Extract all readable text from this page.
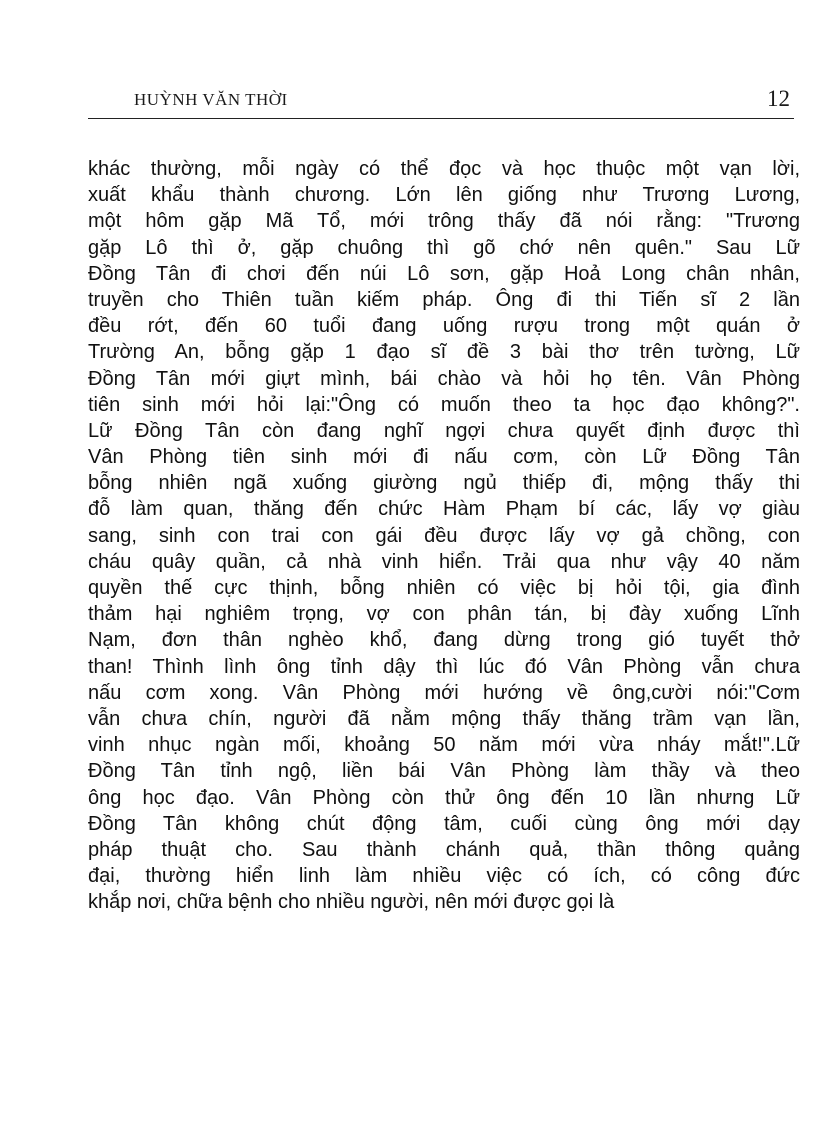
HUỲNH VĂN THỜI	12
khác thường, mỗi ngày có thể đọc và học thuộc một vạn lời,
xuất khẩu thành chương. Lớn lên giống như Trương Lương,
một hôm gặp Mã Tổ, mới trông thấy đã nói rằng: "Trương
gặp Lô thì ở, gặp chuông thì gõ chớ nên quên." Sau Lữ
Đồng Tân đi chơi đến núi Lô sơn, gặp Hoả Long chân nhân,
truyền cho Thiên tuần kiếm pháp. Ông đi thi Tiến sĩ 2 lần
đều rớt, đến 60 tuổi đang uống rượu trong một quán ở
Trường An, bỗng gặp 1 đạo sĩ đề 3 bài thơ trên tường, Lữ
Đồng Tân mới giựt mình, bái chào và hỏi họ tên. Vân Phòng
tiên sinh mới hỏi lại:"Ông có muốn theo ta học đạo không?".
Lữ Đồng Tân còn đang nghĩ ngợi chưa quyết định được thì
Vân Phòng tiên sinh mới đi nấu cơm, còn Lữ Đồng Tân
bỗng nhiên ngã xuống giường ngủ thiếp đi, mộng thấy thi
đỗ làm quan, thăng đến chức Hàm Phạm bí các, lấy vợ giàu
sang, sinh con trai con gái đều được lấy vợ gả chồng, con
cháu quây quần, cả nhà vinh hiển. Trải qua như vậy 40 năm
quyền thế cực thịnh, bỗng nhiên có việc bị hỏi tội, gia đình
thảm hại nghiêm trọng, vợ con phân tán, bị đày xuống Lĩnh
Nạm, đơn thân nghèo khổ, đang dừng trong gió tuyết thở
than! Thình lình ông tỉnh dậy thì lúc đó Vân Phòng vẫn chưa
nấu cơm xong. Vân Phòng mới hướng về ông,cười nói:"Cơm
vẫn chưa chín, người đã nằm mộng thấy thăng trầm vạn lần,
vinh nhục ngàn mối, khoảng 50 năm mới vừa nháy mắt!".Lữ
Đồng Tân tỉnh ngộ, liền bái Vân Phòng làm thầy và theo
ông học đạo. Vân Phòng còn thử ông đến 10 lần nhưng Lữ
Đồng Tân không chút động tâm, cuối cùng ông mới dạy
pháp thuật cho. Sau thành chánh quả, thần thông quảng
đại, thường hiển linh làm nhiều việc có ích, có công đức
khắp nơi, chữa bệnh cho nhiều người, nên mới được gọi là
